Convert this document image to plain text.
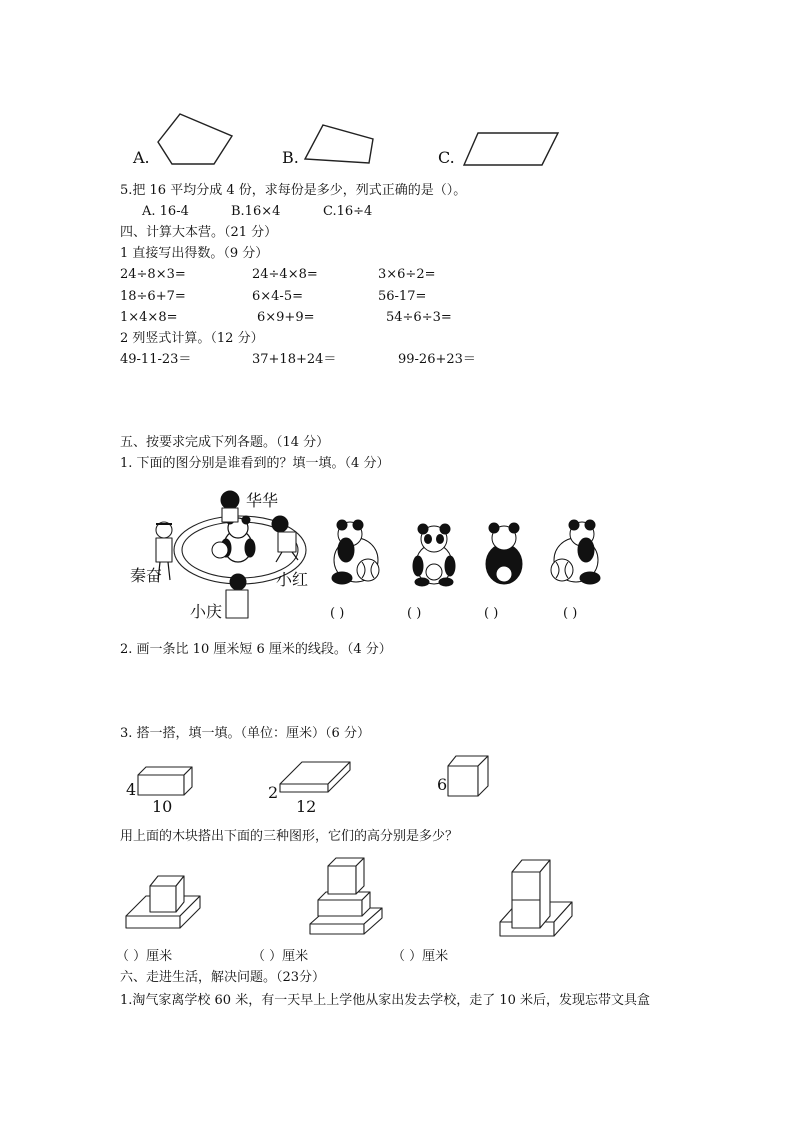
A.	B.	C.
5.把 16 平均分成 4 份，求每份是多少，列式正确的是（）。
A. 16-4	B.16×4	C.16÷4
四、计算大本营。（21 分）
1 直接写出得数。（9 分）
24÷8×3=	24÷4×8=	3×6÷2=
18÷6+7=	6×4-5=	56-17=
1×4×8=	6×9+9=	54÷6÷3=
2 列竖式计算。（12 分）
49-11-23＝	37+18+24＝	99-26+23＝
五、按要求完成下列各题。（14 分）
1. 下面的图分别是谁看到的？填一填。（4 分）
华华
秦奋	小红
小庆	( )	( )	( )	( )
2. 画一条比 10 厘米短 6 厘米的线段。（4 分）
3. 搭一搭，填一填。（单位：厘米）（6 分）
4
10
2
12
6
用上面的木块搭出下面的三种图形，它们的高分别是多少？
（ ）厘米	（ ）厘米	（ ）厘米
六、走进生活，解决问题。（23分）
1.淘气家离学校 60 米，有一天早上上学他从家出发去学校，走了 10 米后，发现忘带文具盒
